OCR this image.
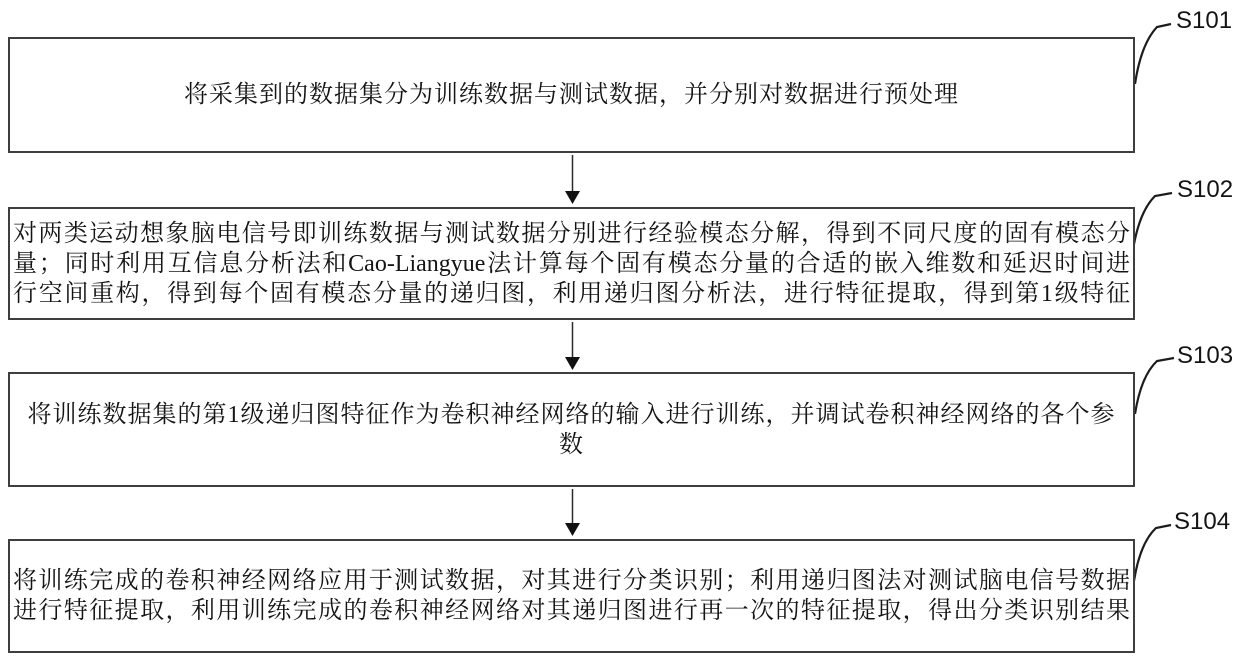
将采集到的数据集分为训练数据与测试数据，并分别对数据进行预处理
对两类运动想象脑电信号即训练数据与测试数据分别进行经验模态分解，得到不同尺度的固有模态分
量；同时利用互信息分析法和Cao-Liangyue法计算每个固有模态分量的合适的嵌入维数和延迟时间进
行空间重构，得到每个固有模态分量的递归图，利用递归图分析法，进行特征提取，得到第1级特征
将训练数据集的第1级递归图特征作为卷积神经网络的输入进行训练，并调试卷积神经网络的各个参
数
将训练完成的卷积神经网络应用于测试数据，对其进行分类识别；利用递归图法对测试脑电信号数据
进行特征提取，利用训练完成的卷积神经网络对其递归图进行再一次的特征提取，得出分类识别结果
S101
S102
S103
S104
